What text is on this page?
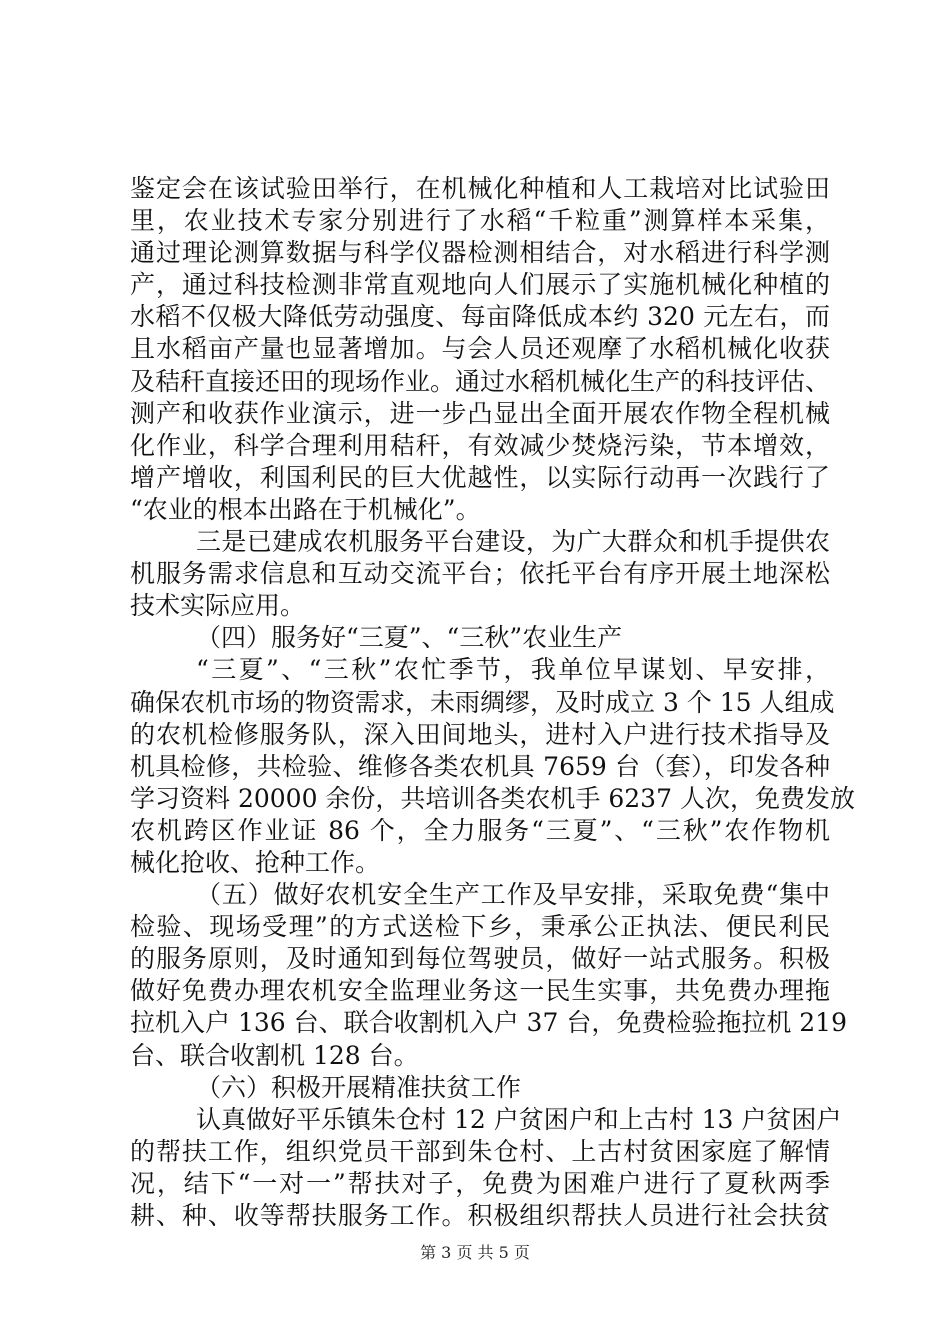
鉴定会在该试验田举行，在机械化种植和人工栽培对比试验田
里，农业技术专家分别进行了水稻“千粒重”测算样本采集，
通过理论测算数据与科学仪器检测相结合，对水稻进行科学测
产，通过科技检测非常直观地向人们展示了实施机械化种植的
水稻不仅极大降低劳动强度、每亩降低成本约 320 元左右，而
且水稻亩产量也显著增加。与会人员还观摩了水稻机械化收获
及秸秆直接还田的现场作业。通过水稻机械化生产的科技评估、
测产和收获作业演示，进一步凸显出全面开展农作物全程机械
化作业，科学合理利用秸秆，有效减少焚烧污染，节本增效，
增产增收，利国利民的巨大优越性，以实际行动再一次践行了
“农业的根本出路在于机械化”。
三是已建成农机服务平台建设，为广大群众和机手提供农
机服务需求信息和互动交流平台；依托平台有序开展土地深松
技术实际应用。
（四）服务好“三夏”、“三秋”农业生产
“三夏”、“三秋”农忙季节，我单位早谋划、早安排，
确保农机市场的物资需求，未雨绸缪，及时成立 3 个 15 人组成
的农机检修服务队，深入田间地头，进村入户进行技术指导及
机具检修，共检验、维修各类农机具 7659 台（套），印发各种
学习资料 20000 余份，共培训各类农机手 6237 人次，免费发放
农机跨区作业证 86 个，全力服务“三夏”、“三秋”农作物机
械化抢收、抢种工作。
（五）做好农机安全生产工作及早安排，采取免费“集中
检验、现场受理”的方式送检下乡，秉承公正执法、便民利民
的服务原则，及时通知到每位驾驶员，做好一站式服务。积极
做好免费办理农机安全监理业务这一民生实事，共免费办理拖
拉机入户 136 台、联合收割机入户 37 台，免费检验拖拉机 219
台、联合收割机 128 台。
（六）积极开展精准扶贫工作
认真做好平乐镇朱仓村 12 户贫困户和上古村 13 户贫困户
的帮扶工作，组织党员干部到朱仓村、上古村贫困家庭了解情
况，结下“一对一”帮扶对子，免费为困难户进行了夏秋两季
耕、种、收等帮扶服务工作。积极组织帮扶人员进行社会扶贫
第 3 页 共 5 页
